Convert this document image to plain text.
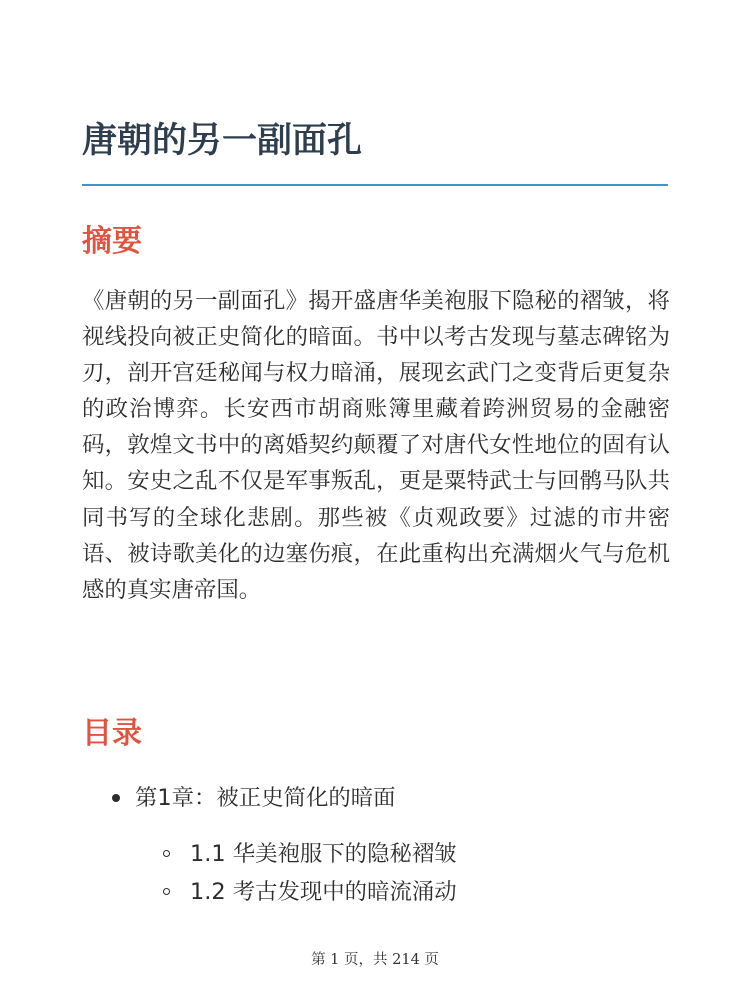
唐朝的另一副面孔
摘要

《唐朝的另一副面孔》揭开盛唐华美袍服下隐秘的褶皱，将视线投向被正史简化的暗面。书中以考古发现与墓志碑铭为刃，剖开宫廷秘闻与权力暗涌，展现玄武门之变背后更复杂的政治博弈。长安西市胡商账簿里藏着跨洲贸易的金融密码，敦煌文书中的离婚契约颠覆了对唐代女性地位的固有认知。安史之乱不仅是军事叛乱，更是粟特武士与回鹘马队共同书写的全球化悲剧。那些被《贞观政要》过滤的市井密语、被诗歌美化的边塞伤痕，在此重构出充满烟火气与危机感的真实唐帝国。

目录
第1章：被正史简化的暗面
1.1 华美袍服下的隐秘褶皱
1.2 考古发现中的暗流涌动
第 1 页，共 214 页
